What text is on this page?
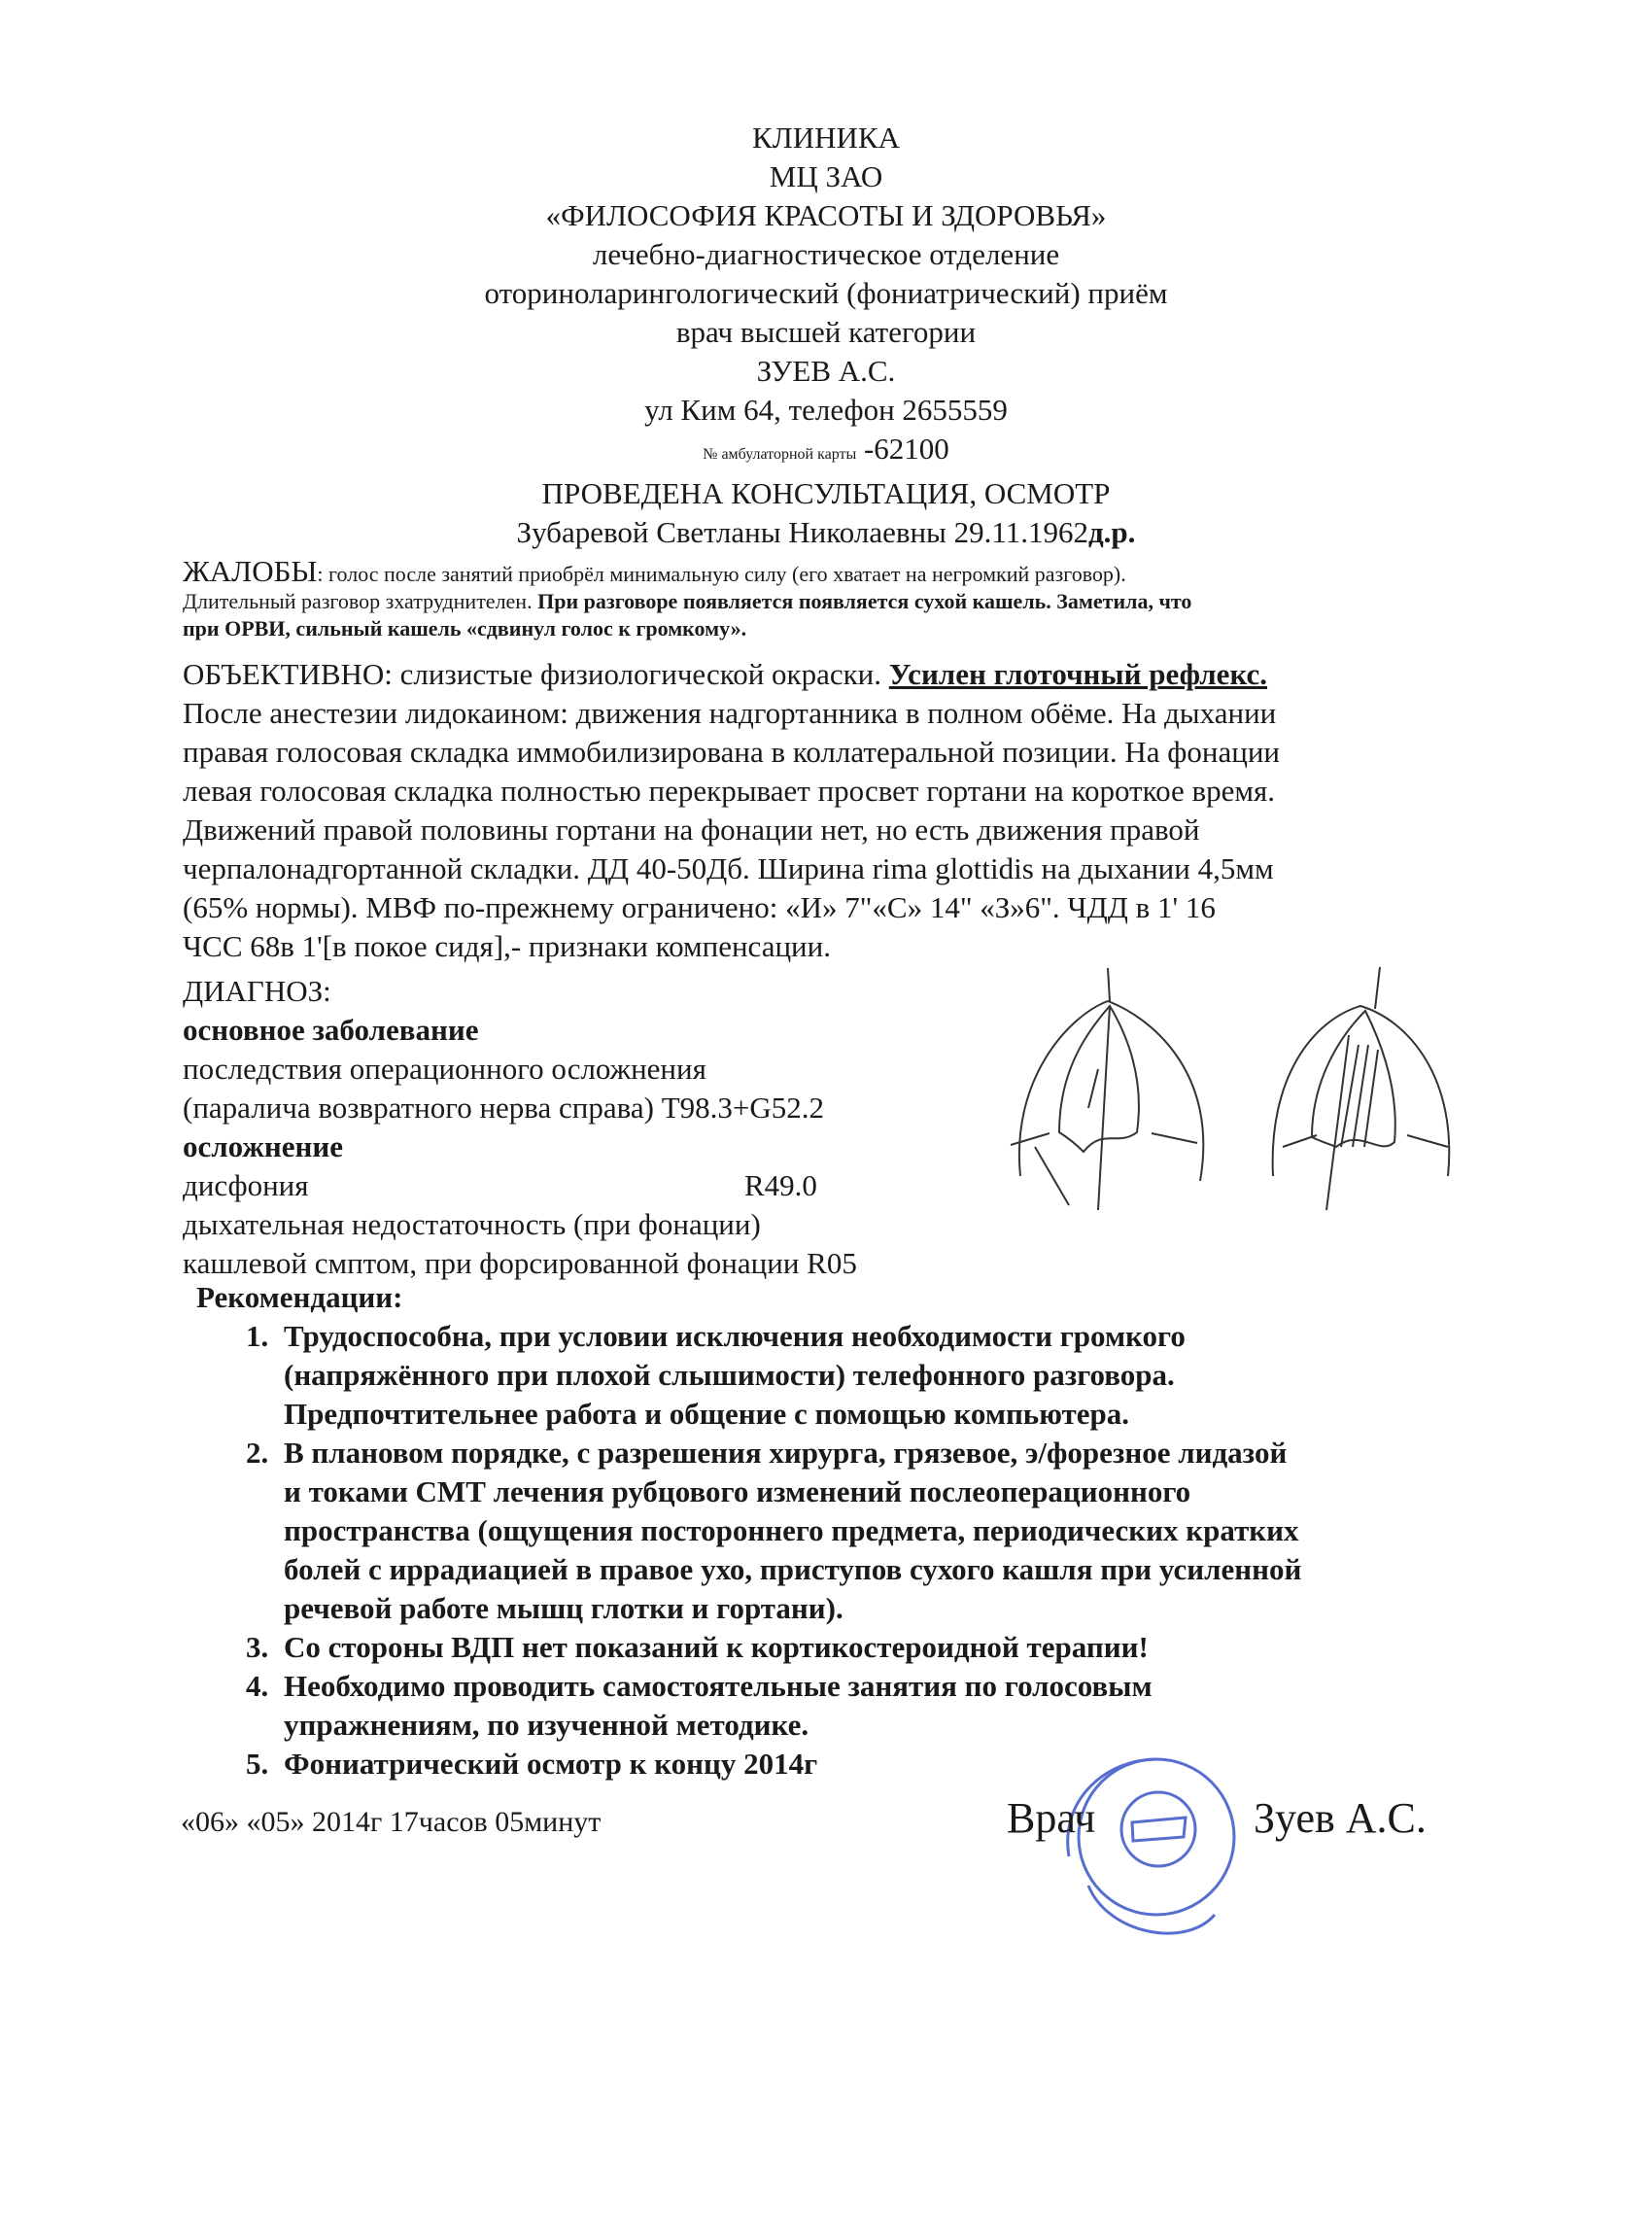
КЛИНИКА
МЦ ЗАО
«ФИЛОСОФИЯ КРАСОТЫ И ЗДОРОВЬЯ»
лечебно-диагностическое отделение
оториноларингологический (фониатрический) приём
врач высшей категории
ЗУЕВ А.С.
ул Ким 64, телефон 2655559
№ амбулаторной карты -62100
ПРОВЕДЕНА КОНСУЛЬТАЦИЯ, ОСМОТР
Зубаревой Светланы Николаевны 29.11.1962д.р.
ЖАЛОБЫ: голос после занятий приобрёл минимальную силу (его хватает на негромкий разговор).
Длительный разговор зхатруднителен. При разговоре появляется появляется сухой кашель. Заметила, что
при ОРВИ, сильный кашель «сдвинул голос к громкому».
ОБЪЕКТИВНО: слизистые физиологической окраски. Усилен глоточный рефлекс.
После анестезии лидокаином: движения надгортанника в полном обёме. На дыхании
правая голосовая складка иммобилизирована в коллатеральной позиции. На фонации
левая голосовая складка полностью перекрывает просвет гортани на короткое время.
Движений правой половины гортани на фонации нет, но есть движения правой
черпалонадгортанной складки. ДД 40-50Дб. Ширина rima glottidis на дыхании 4,5мм
(65% нормы). МВФ по-прежнему ограничено: «И» 7"«С» 14" «З»6". ЧДД в 1' 16
ЧСС 68в 1'[в покое сидя],- признаки компенсации.
ДИАГНОЗ:
основное заболевание
последствия операционного осложнения
(паралича возвратного нерва справа) T98.3+G52.2
осложнение
дисфония	R49.0
дыхательная недостаточность (при фонации)
кашлевой смптом, при форсированной фонации R05
Рекомендации:
1. Трудоспособна, при условии исключения необходимости громкого
(напряжённого при плохой слышимости) телефонного разговора.
Предпочтительнее работа и общение с помощью компьютера.
2. В плановом порядке, с разрешения хирурга, грязевое, э/форезное лидазой
и токами СМТ лечения рубцового изменений послеоперационного
пространства (ощущения постороннего предмета, периодических кратких
болей с иррадиацией в правое ухо, приступов сухого кашля при усиленной
речевой работе мышц глотки и гортани).
3. Со стороны ВДП нет показаний к кортикостероидной терапии!
4. Необходимо проводить самостоятельные занятия по голосовым
упражнениям, по изученной методике.
5. Фониатрический осмотр к концу 2014г
«06» «05» 2014г 17часов 05минут	Врач	Зуев А.С.
